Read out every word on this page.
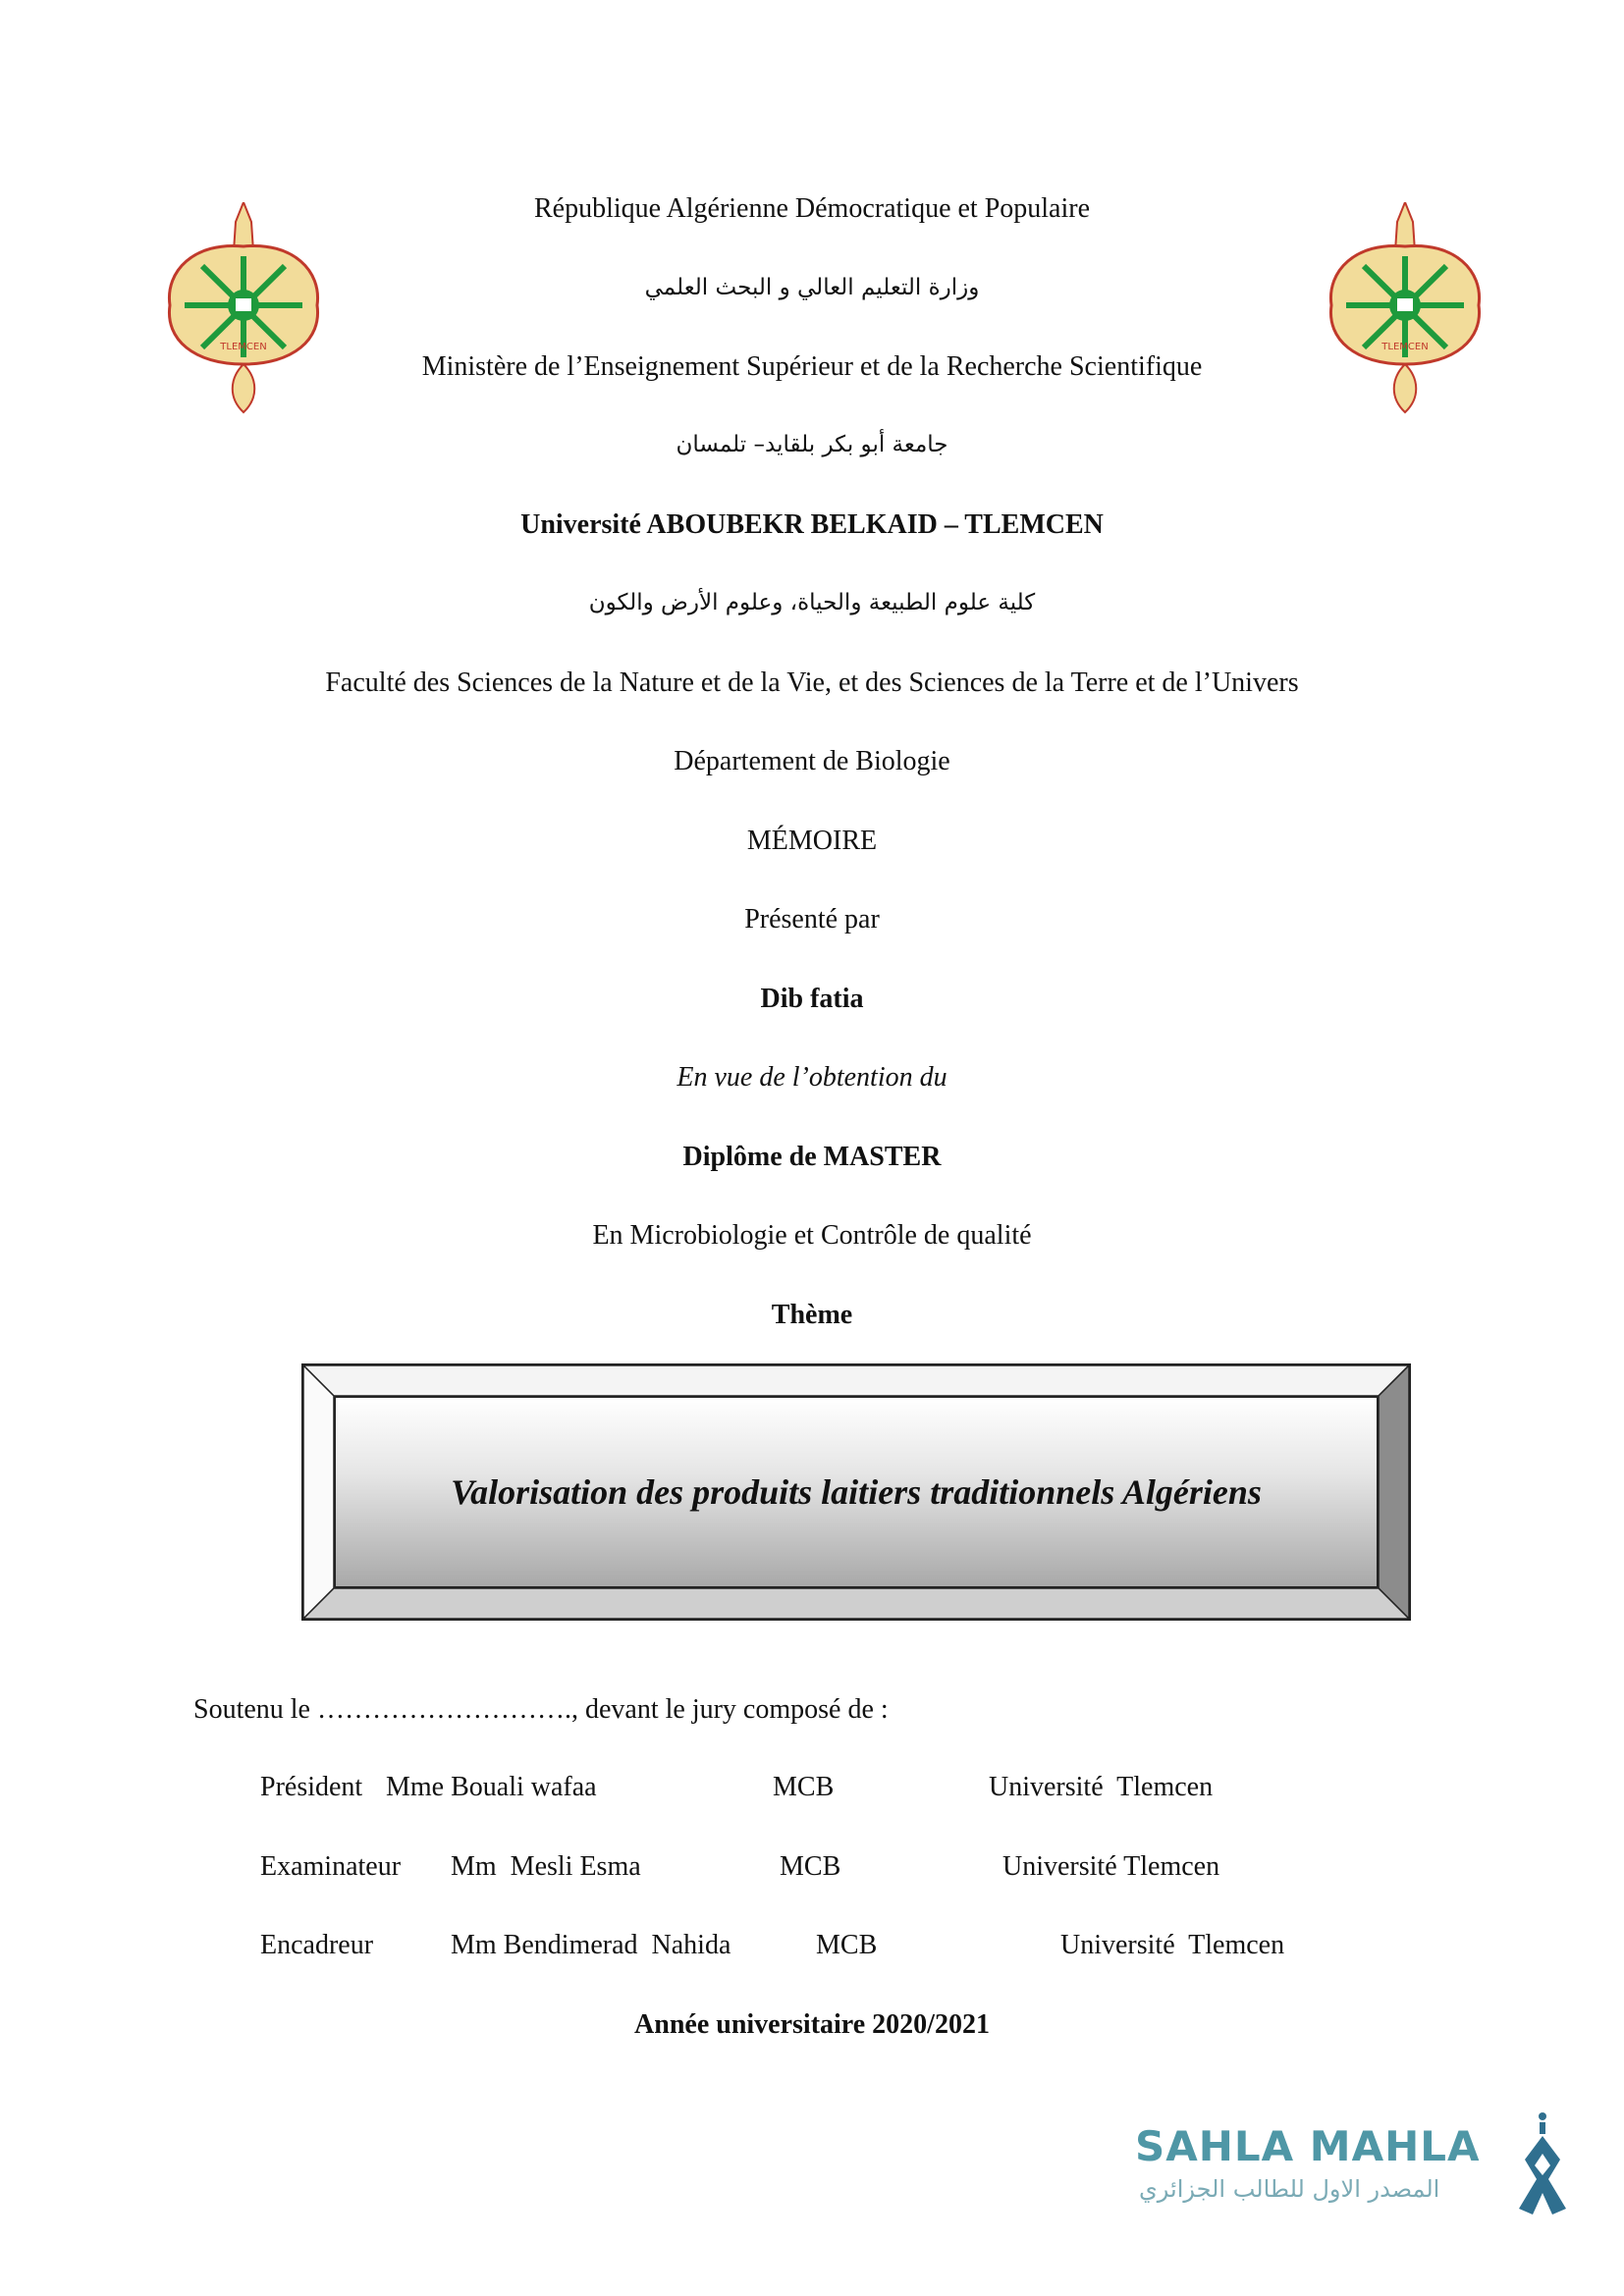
TLEMCEN	TLEMCEN
République Algérienne Démocratique et Populaire
وزارة التعليم العالي و البحث العلمي
Ministère de l’Enseignement Supérieur et de la Recherche Scientifique
جامعة أبو بكر بلقايد– تلمسان
Université ABOUBEKR BELKAID – TLEMCEN
كلية علوم الطبيعة والحياة، وعلوم الأرض والكون
Faculté des Sciences de la Nature et de la Vie, et des Sciences de la Terre et de l’Univers
Département de Biologie
MÉMOIRE
Présenté par
Dib fatia
En vue de l’obtention du
Diplôme de MASTER
En Microbiologie et Contrôle de qualité
Thème
Valorisation des produits laitiers traditionnels Algériens
Soutenu le ………………………., devant le jury composé de :
Président Mme Bouali wafaa	MCB	Université  Tlemcen
Examinateur Mm  Mesli Esma	MCB	Université Tlemcen
Encadreur	Mm Bendimerad  Nahida	MCB	Université  Tlemcen
Année universitaire 2020/2021
SAHLA MAHLA
المصدر الاول للطالب الجزائري
